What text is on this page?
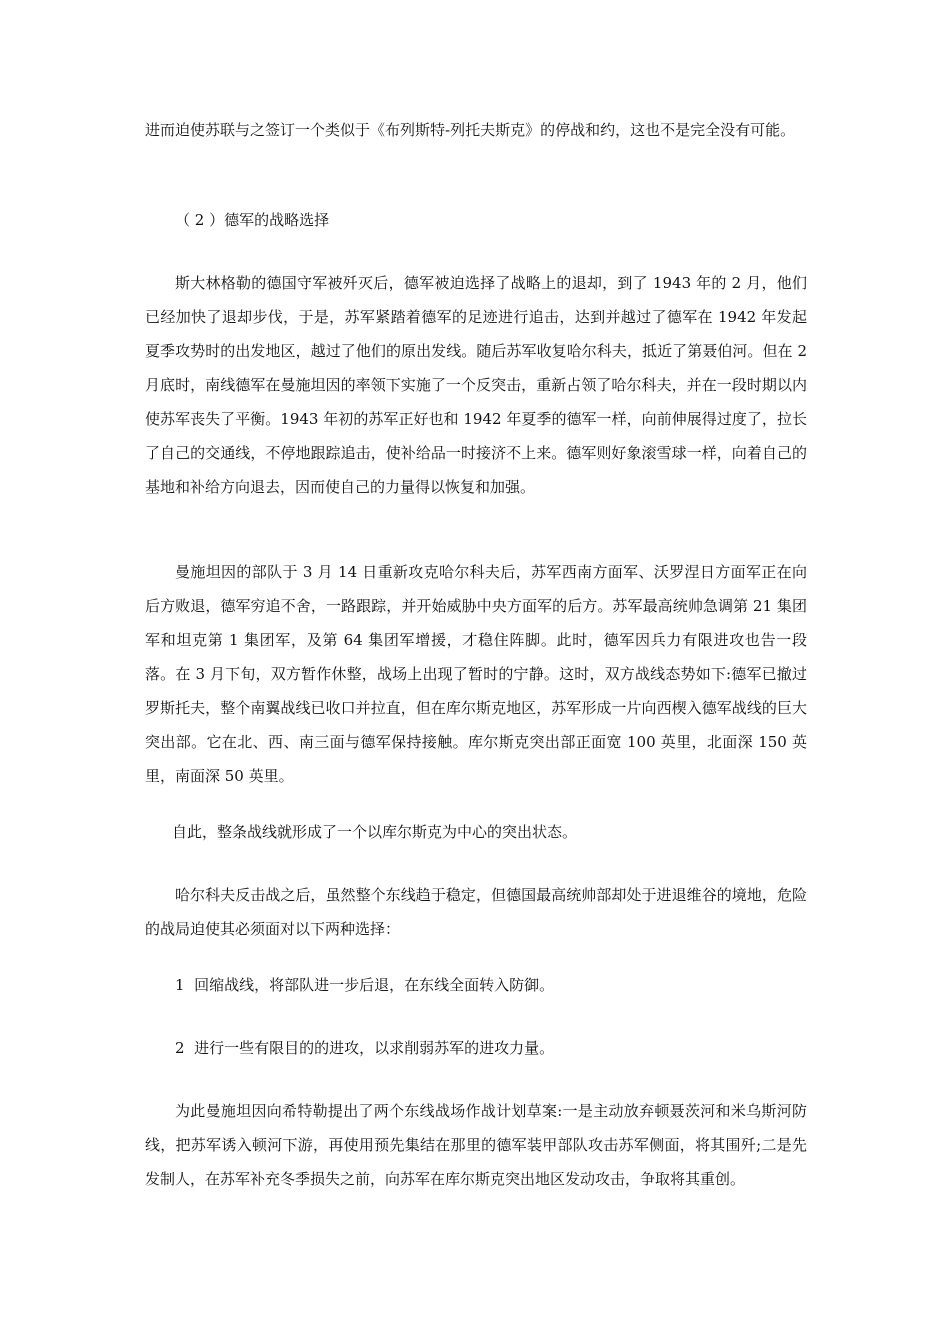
进而迫使苏联与之签订一个类似于《布列斯特-列托夫斯克》的停战和约，这也不是完全没有可能。

（ 2 ）德军的战略选择

斯大林格勒的德国守军被歼灭后，德军被迫选择了战略上的退却，到了 1943 年的 2 月，他们已经加快了退却步伐，于是，苏军紧踏着德军的足迹进行追击，达到并越过了德军在 1942 年发起夏季攻势时的出发地区，越过了他们的原出发线。随后苏军收复哈尔科夫，抵近了第聂伯河。但在 2 月底时，南线德军在曼施坦因的率领下实施了一个反突击，重新占领了哈尔科夫，并在一段时期以内使苏军丧失了平衡。1943 年初的苏军正好也和 1942 年夏季的德军一样，向前伸展得过度了，拉长了自己的交通线，不停地跟踪追击，使补给品一时接济不上来。德军则好象滚雪球一样，向着自己的基地和补给方向退去，因而使自己的力量得以恢复和加强。

曼施坦因的部队于 3 月 14 日重新攻克哈尔科夫后，苏军西南方面军、沃罗涅日方面军正在向后方败退，德军穷追不舍，一路跟踪，并开始威胁中央方面军的后方。苏军最高统帅急调第 21 集团军和坦克第 1 集团军，及第 64 集团军增援，才稳住阵脚。此时，德军因兵力有限进攻也告一段落。在 3 月下旬，双方暂作休整，战场上出现了暂时的宁静。这时，双方战线态势如下:德军已撤过罗斯托夫，整个南翼战线已收口并拉直，但在库尔斯克地区，苏军形成一片向西楔入德军战线的巨大突出部。它在北、西、南三面与德军保持接触。库尔斯克突出部正面宽 100 英里，北面深 150 英里，南面深 50 英里。

自此，整条战线就形成了一个以库尔斯克为中心的突出状态。

哈尔科夫反击战之后，虽然整个东线趋于稳定，但德国最高统帅部却处于进退维谷的境地，危险的战局迫使其必须面对以下两种选择：

1  回缩战线，将部队进一步后退，在东线全面转入防御。

2  进行一些有限目的的进攻，以求削弱苏军的进攻力量。

为此曼施坦因向希特勒提出了两个东线战场作战计划草案:一是主动放弃顿聂茨河和米乌斯河防线，把苏军诱入顿河下游，再使用预先集结在那里的德军装甲部队攻击苏军侧面，将其围歼;二是先发制人，在苏军补充冬季损失之前，向苏军在库尔斯克突出地区发动攻击，争取将其重创。
